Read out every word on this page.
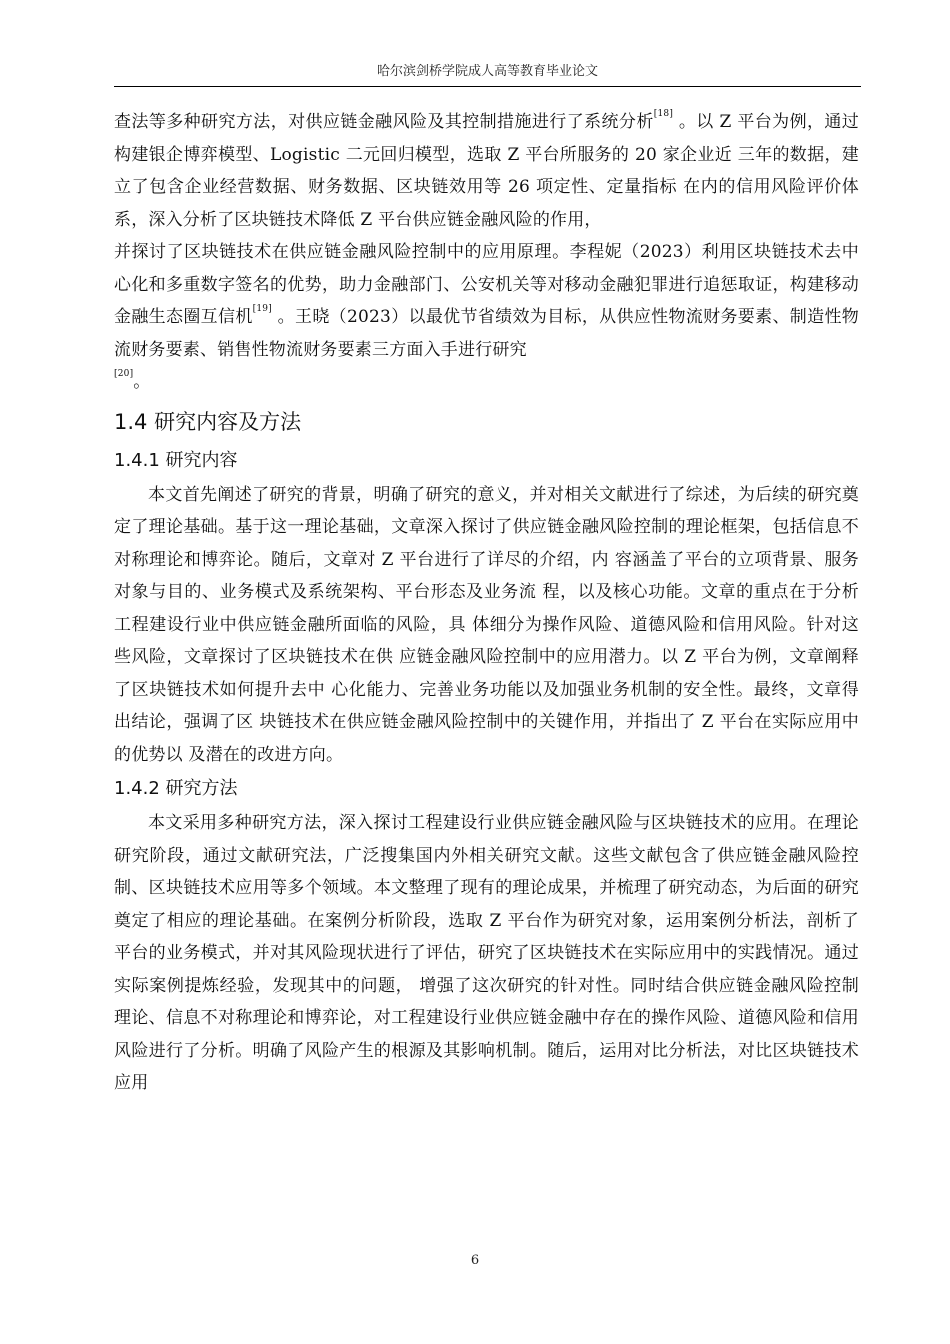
哈尔滨剑桥学院成人高等教育毕业论文

查法等多种研究方法，对供应链金融风险及其控制措施进行了系统分析[18] 。以 Z 平台为例，通过构建银企博弈模型、Logistic 二元回归模型，选取 Z 平台所服务的 20 家企业近 三年的数据，建立了包含企业经营数据、财务数据、区块链效用等 26 项定性、定量指标 在内的信用风险评价体系，深入分析了区块链技术降低 Z 平台供应链金融风险的作用，

并探讨了区块链技术在供应链金融风险控制中的应用原理。李程妮（2023）利用区块链技术去中心化和多重数字签名的优势，助力金融部门、公安机关等对移动金融犯罪进行追惩取证，构建移动金融生态圈互信机[19] 。王晓（2023）以最优节省绩效为目标，从供应性物流财务要素、制造性物流财务要素、销售性物流财务要素三方面入手进行研究
[20]。

1.4 研究内容及方法
1.4.1 研究内容

本文首先阐述了研究的背景，明确了研究的意义，并对相关文献进行了综述，为后续的研究奠定了理论基础。基于这一理论基础，文章深入探讨了供应链金融风险控制的理论框架，包括信息不对称理论和博弈论。随后，文章对 Z 平台进行了详尽的介绍，内 容涵盖了平台的立项背景、服务对象与目的、业务模式及系统架构、平台形态及业务流 程，以及核心功能。文章的重点在于分析工程建设行业中供应链金融所面临的风险，具 体细分为操作风险、道德风险和信用风险。针对这些风险，文章探讨了区块链技术在供 应链金融风险控制中的应用潜力。以 Z 平台为例，文章阐释了区块链技术如何提升去中 心化能力、完善业务功能以及加强业务机制的安全性。最终，文章得出结论，强调了区 块链技术在供应链金融风险控制中的关键作用，并指出了 Z 平台在实际应用中的优势以 及潜在的改进方向。

1.4.2 研究方法

本文采用多种研究方法，深入探讨工程建设行业供应链金融风险与区块链技术的应用。在理论研究阶段，通过文献研究法，广泛搜集国内外相关研究文献。这些文献包含了供应链金融风险控制、区块链技术应用等多个领域。本文整理了现有的理论成果，并梳理了研究动态，为后面的研究奠定了相应的理论基础。在案例分析阶段，选取 Z 平台作为研究对象，运用案例分析法，剖析了平台的业务模式，并对其风险现状进行了评估，研究了区块链技术在实际应用中的实践情况。通过实际案例提炼经验，发现其中的问题， 增强了这次研究的针对性。同时结合供应链金融风险控制理论、信息不对称理论和博弈论，对工程建设行业供应链金融中存在的操作风险、道德风险和信用风险进行了分析。明确了风险产生的根源及其影响机制。随后，运用对比分析法，对比区块链技术应用

6
